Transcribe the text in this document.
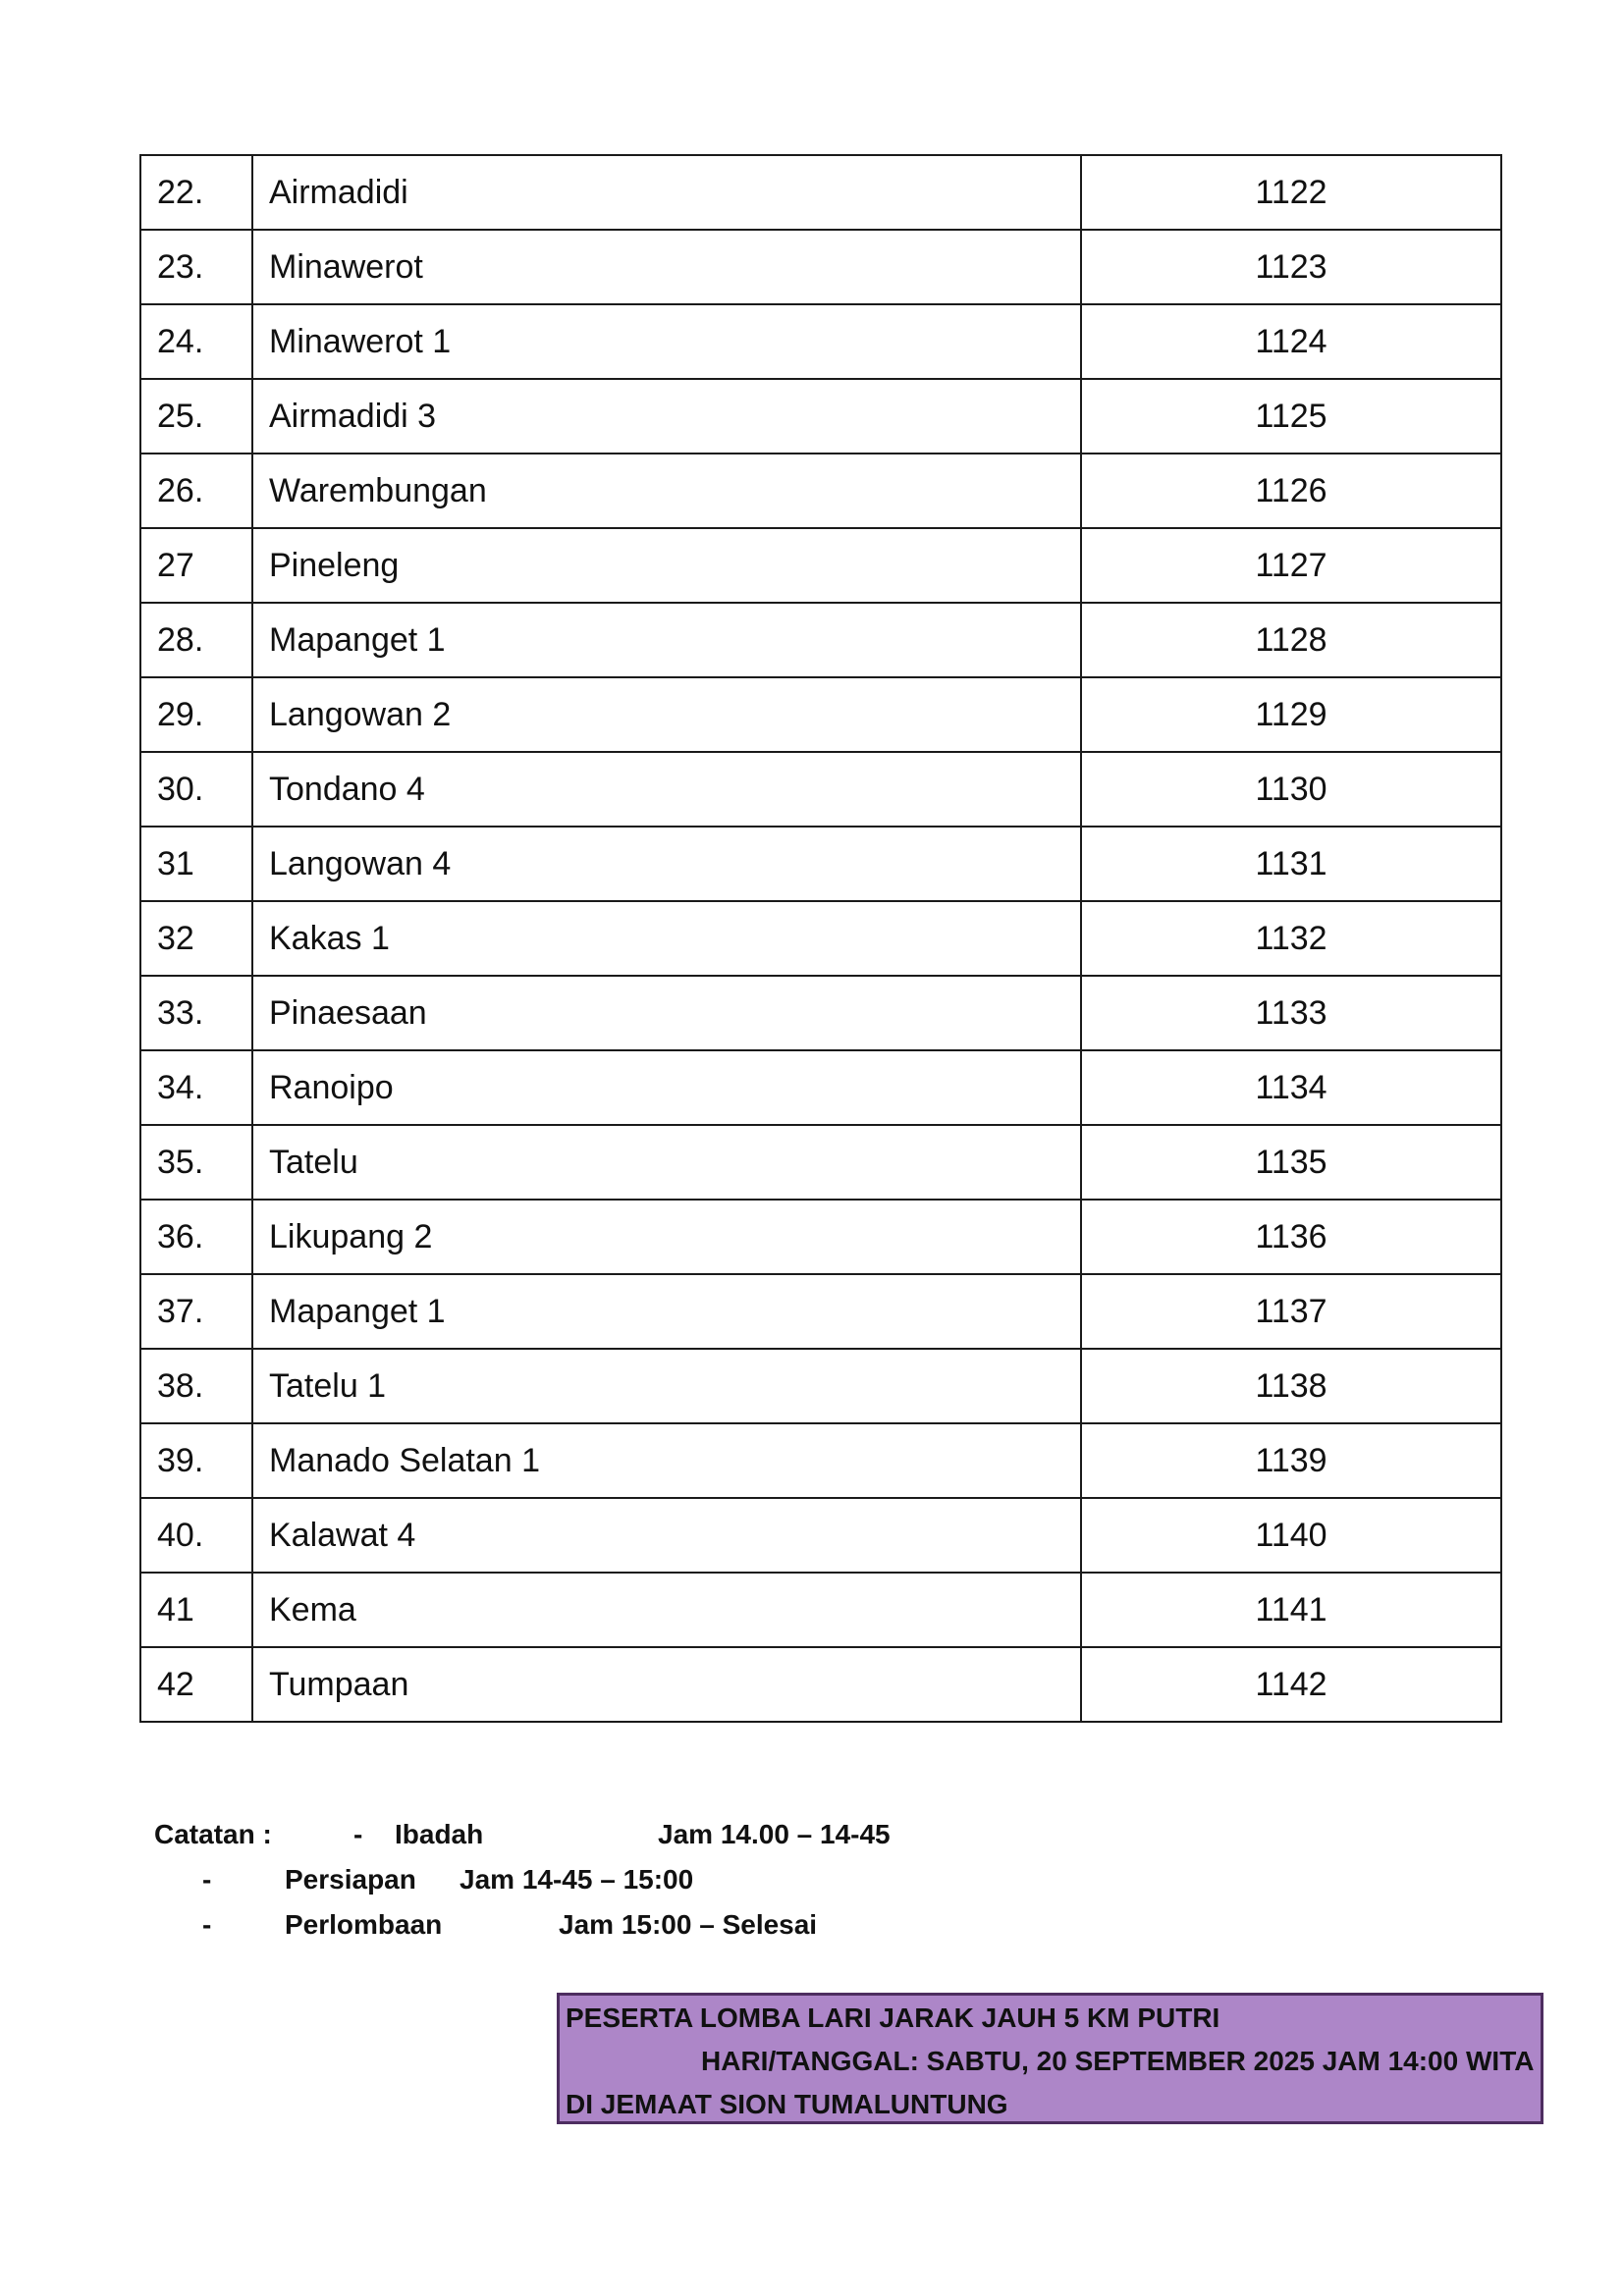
22.	Airmadidi	1122
23.	Minawerot	1123
24.	Minawerot 1	1124
25.	Airmadidi 3	1125
26.	Warembungan	1126
27	Pineleng	1127
28.	Mapanget 1	1128
29.	Langowan 2	1129
30.	Tondano 4	1130
31	Langowan 4	1131
32	Kakas 1	1132
33.	Pinaesaan	1133
34.	Ranoipo	1134
35.	Tatelu	1135
36.	Likupang 2	1136
37.	Mapanget 1	1137
38.	Tatelu 1	1138
39.	Manado Selatan 1	1139
40.	Kalawat 4	1140
41	Kema	1141
42	Tumpaan	1142
Catatan :	- Ibadah	Jam 14.00 – 14-45
-	Persiapan Jam 14-45 – 15:00
-	Perlombaan	Jam 15:00 – Selesai
PESERTA LOMBA LARI JARAK JAUH 5 KM PUTRI
HARI/TANGGAL: SABTU, 20 SEPTEMBER 2025 JAM 14:00 WITA
DI JEMAAT SION TUMALUNTUNG
